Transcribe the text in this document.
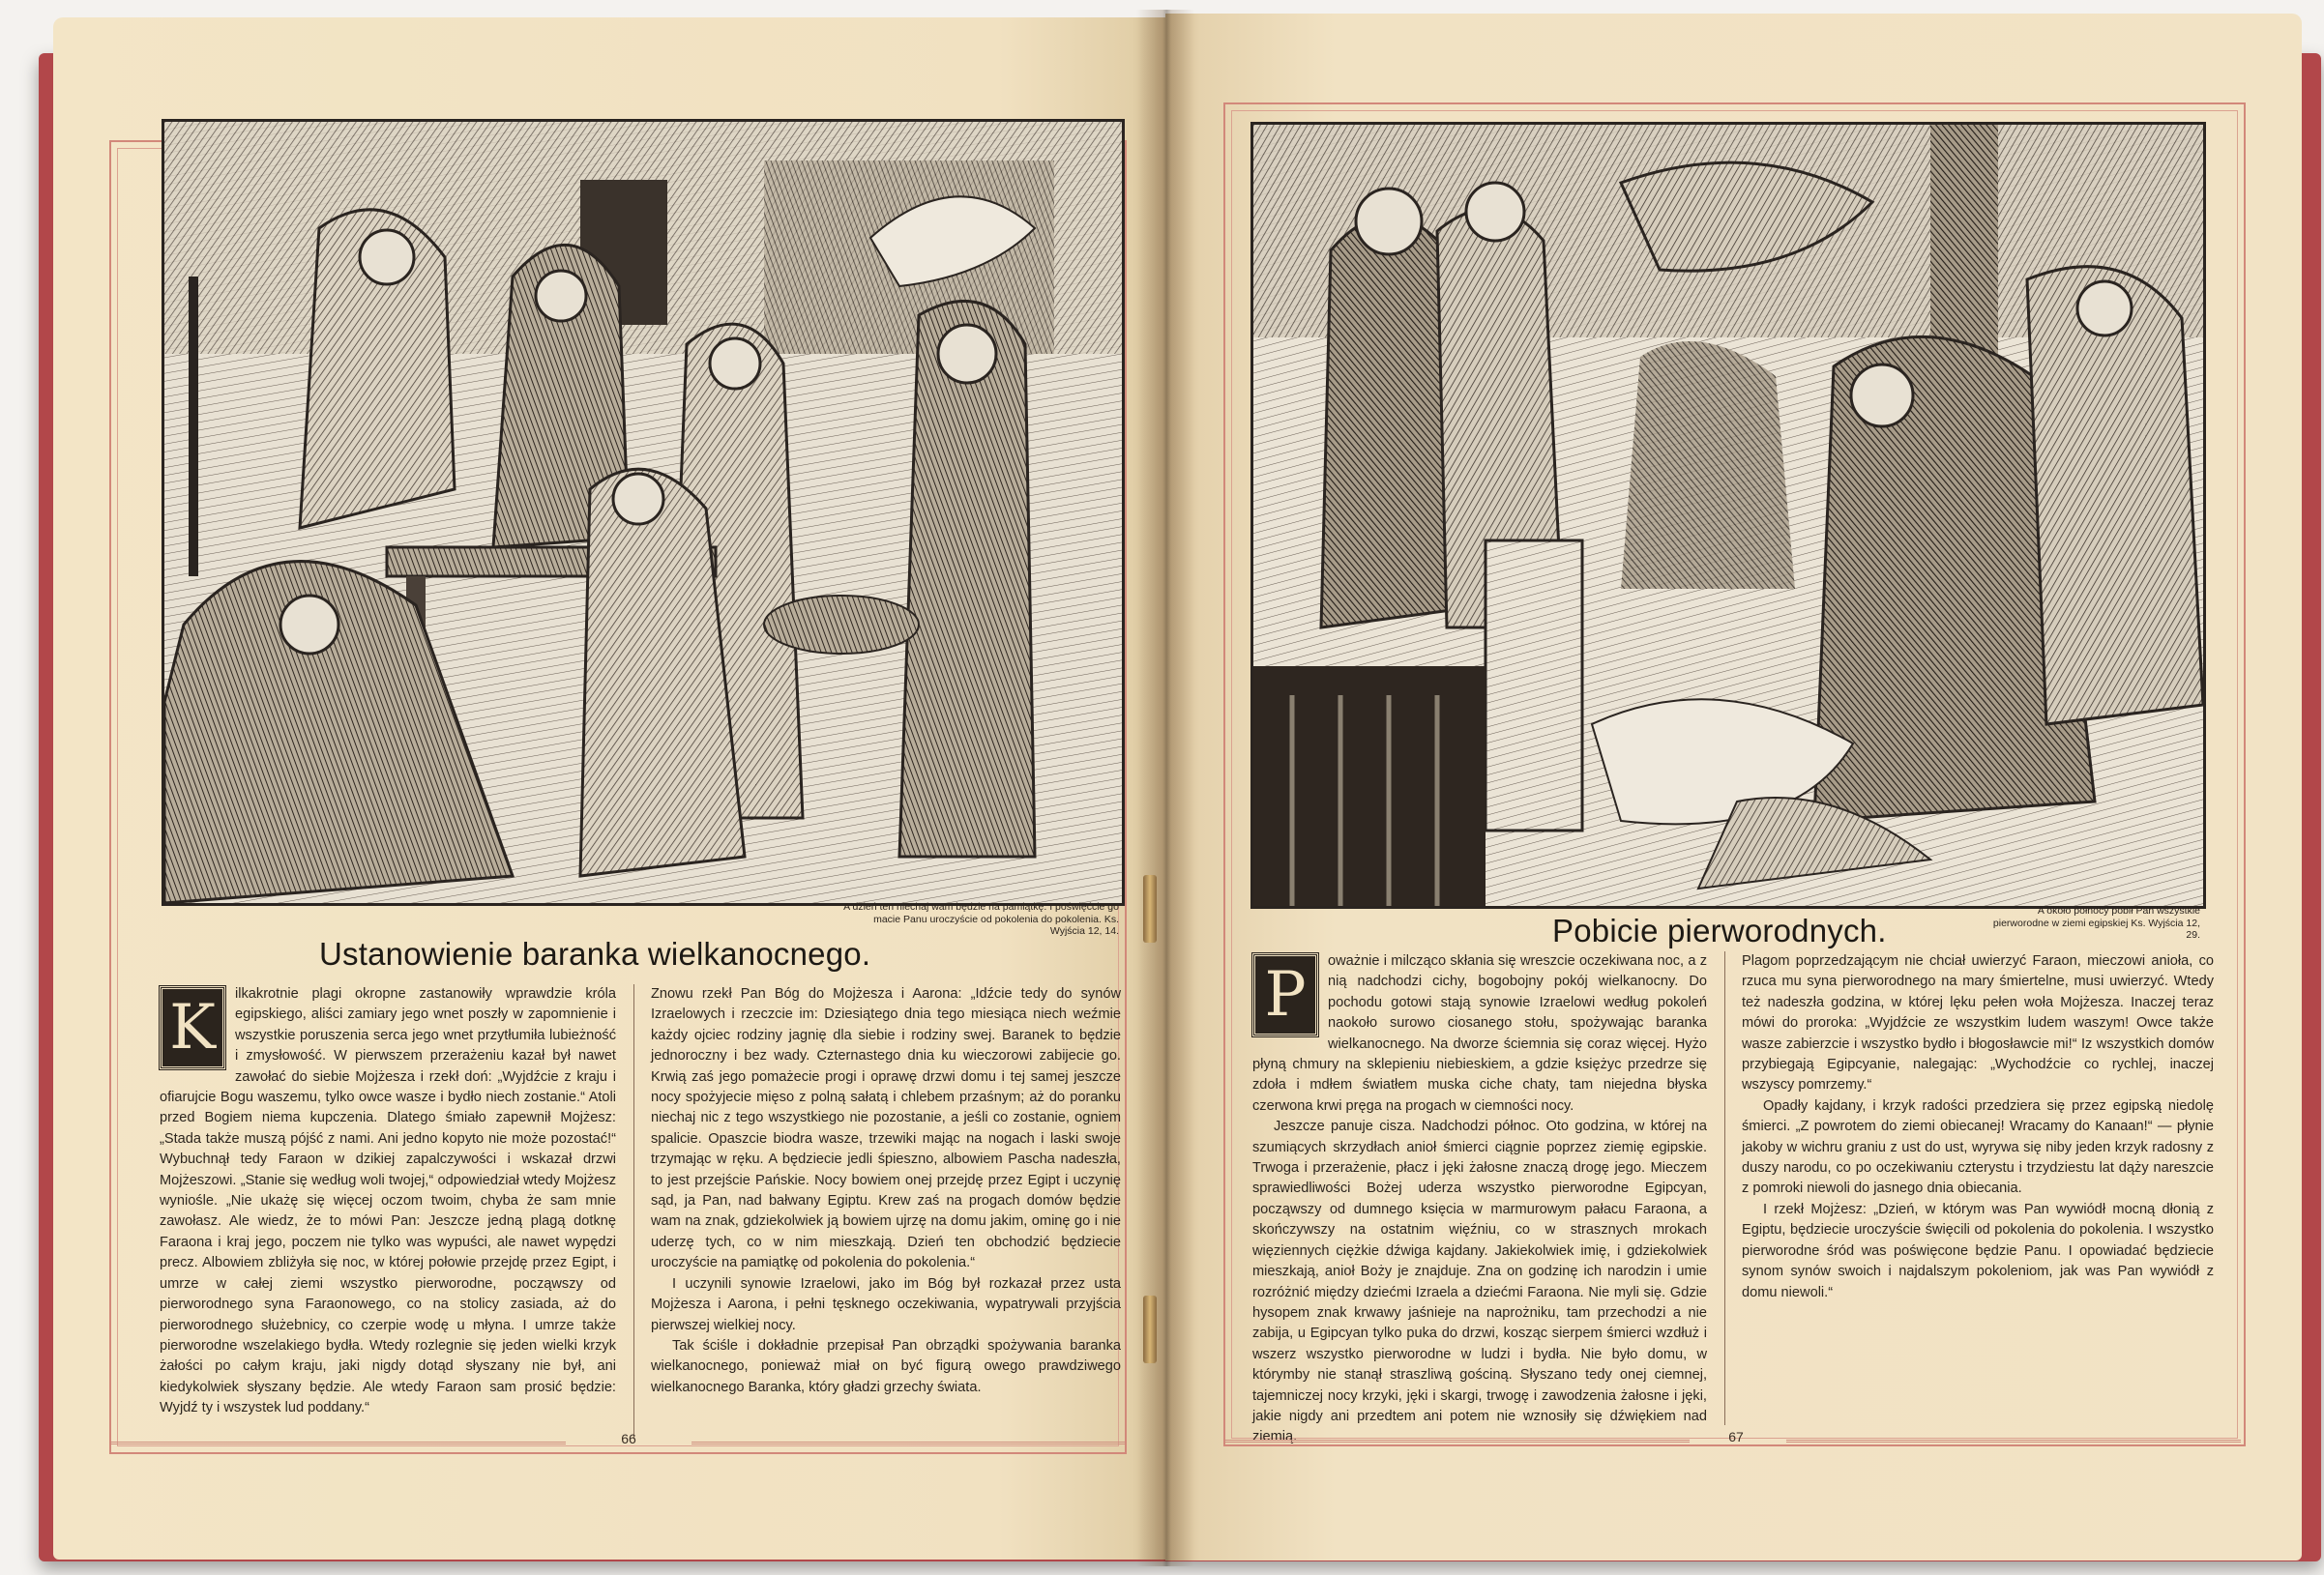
A dzień ten niechaj wam będzie na pamiątkę. I poświęćcie go macie Panu uroczyście od pokolenia do pokolenia. Ks. Wyjścia 12, 14.
Ustanowienie baranka wielkanocnego.

K	ilkakrotnie plagi okropne zastanowiły wprawdzie króla egipskiego, aliści zamiary jego wnet poszły w zapomnienie i wszystkie poruszenia serca jego wnet przytłumiła lubieżność i zmysłowość. W pierwszem przerażeniu kazał był nawet zawołać do siebie Mojżesza i rzekł doń: „Wyjdźcie z kraju i ofiarujcie Bogu waszemu, tylko owce wasze i bydło niech zostanie.“ Atoli przed Bogiem niema kupczenia. Dlatego śmiało zapewnił Mojżesz: „Stada także muszą pójść z nami. Ani jedno kopyto nie może pozostać!“ Wybuchnął tedy Faraon w dzikiej zapalczywości i wskazał drzwi Mojżeszowi. „Stanie się według woli twojej,“ odpowiedział wtedy Mojżesz wyniośle. „Nie ukażę się więcej oczom twoim, chyba że sam mnie zawołasz. Ale wiedz, że to mówi Pan: Jeszcze jedną plagą dotknę Faraona i kraj jego, poczem nie tylko was wypuści, ale nawet wypędzi precz. Albowiem zbliżyła się noc, w której połowie przejdę przez Egipt, i umrze w całej ziemi wszystko pierworodne, począwszy od pierworodnego syna Faraonowego, co na stolicy zasiada, aż do pierworodnego służebnicy, co czerpie wodę u młyna. I umrze także pierworodne wszelakiego bydła. Wtedy rozlegnie się jeden wielki krzyk żałości po całym kraju, jaki nigdy dotąd słyszany nie był, ani kiedykolwiek słyszany będzie. Ale wtedy Faraon sam prosić będzie: Wyjdź ty i wszystek lud poddany.“

Znowu rzekł Pan Bóg do Mojżesza i Aarona: „Idźcie tedy do synów Izraelowych i rzeczcie im: Dziesiątego dnia tego miesiąca niech weźmie każdy ojciec rodziny jagnię dla siebie i rodziny swej. Baranek to będzie jednoroczny i bez wady. Czternastego dnia ku wieczorowi zabijecie go. Krwią zaś jego pomażecie progi i oprawę drzwi domu i tej samej jeszcze nocy spożyjecie mięso z polną sałatą i chlebem przaśnym; aż do poranku niechaj nic z tego wszystkiego nie pozostanie, a jeśli co zostanie, ogniem spalicie. Opaszcie biodra wasze, trzewiki mając na nogach i laski swoje trzymając w ręku. A będziecie jedli śpieszno, albowiem Pascha nadeszła, to jest przejście Pańskie. Nocy bowiem onej przejdę przez Egipt i uczynię sąd, ja Pan, nad bałwany Egiptu. Krew zaś na progach domów będzie wam na znak, gdziekolwiek ją bowiem ujrzę na domu jakim, ominę go i nie uderzę tych, co w nim mieszkają. Dzień ten obchodzić będziecie uroczyście na pamiątkę od pokolenia do pokolenia.“

I uczynili synowie Izraelowi, jako im Bóg był rozkazał przez usta Mojżesza i Aarona, i pełni tęsknego oczekiwania, wypatrywali przyjścia pierwszej wielkiej nocy.

Tak ściśle i dokładnie przepisał Pan obrządki spożywania baranka wielkanocnego, ponieważ miał on być figurą owego prawdziwego wielkanocnego Baranka, który gładzi grzechy świata.

66
A około północy pobił Pan wszystkie pierworodne w ziemi egipskiej Ks. Wyjścia 12, 29.
Pobicie pierworodnych.

P	oważnie i milcząco skłania się wreszcie oczekiwana noc, a z nią nadchodzi cichy, bogobojny pokój wielkanocny. Do pochodu gotowi stają synowie Izraelowi według pokoleń naokoło surowo ciosanego stołu, spożywając baranka wielkanocnego. Na dworze ściemnia się coraz więcej. Hyżo płyną chmury na sklepieniu niebieskiem, a gdzie księżyc przedrze się zdoła i mdłem światłem muska ciche chaty, tam niejedna błyska czerwona krwi pręga na progach w ciemności nocy.

Jeszcze panuje cisza. Nadchodzi północ. Oto godzina, w której na szumiących skrzydłach anioł śmierci ciągnie poprzez ziemię egipskie. Trwoga i przerażenie, płacz i jęki żałosne znaczą drogę jego. Mieczem sprawiedliwości Bożej uderza wszystko pierworodne Egipcyan, począwszy od dumnego księcia w marmurowym pałacu Faraona, a skończywszy na ostatnim więźniu, co w strasznych mrokach więziennych ciężkie dźwiga kajdany. Jakiekolwiek imię, i gdziekolwiek mieszkają, anioł Boży je znajduje. Zna on godzinę ich narodzin i umie rozróżnić między dziećmi Izraela a dziećmi Faraona. Nie myli się. Gdzie hysopem znak krwawy jaśnieje na naprożniku, tam przechodzi a nie zabija, u Egipcyan tylko puka do drzwi, kosząc sierpem śmierci wzdłuż i wszerz wszystko pierworodne w ludzi i bydła. Nie było domu, w którymby nie stanął straszliwą gościną. Słyszano tedy onej ciemnej, tajemniczej nocy krzyki, jęki i skargi, trwogę i zawodzenia żałosne i jęki, jakie nigdy ani przedtem ani potem nie wznosiły się dźwiękiem nad ziemią.

Plagom poprzedzającym nie chciał uwierzyć Faraon, mieczowi anioła, co rzuca mu syna pierworodnego na mary śmiertelne, musi uwierzyć. Wtedy też nadeszła godzina, w której lęku pełen woła Mojżesza. Inaczej teraz mówi do proroka: „Wyjdźcie ze wszystkim ludem waszym! Owce także wasze zabierzcie i wszystko bydło i błogosławcie mi!“ Iz wszystkich domów przybiegają Egipcyanie, nalegając: „Wychodźcie co rychlej, inaczej wszyscy pomrzemy.“

Opadły kajdany, i krzyk radości przedziera się przez egipską niedolę śmierci. „Z powrotem do ziemi obiecanej! Wracamy do Kanaan!“ — płynie jakoby w wichru graniu z ust do ust, wyrywa się niby jeden krzyk radosny z duszy narodu, co po oczekiwaniu czterystu i trzydziestu lat dąży nareszcie z pomroki niewoli do jasnego dnia obiecania.

I rzekł Mojżesz: „Dzień, w którym was Pan wywiódł mocną dłonią z Egiptu, będziecie uroczyście święcili od pokolenia do pokolenia. I wszystko pierworodne śród was poświęcone będzie Panu. I opowiadać będziecie synom synów swoich i najdalszym pokoleniom, jak was Pan wywiódł z domu niewoli.“

67
